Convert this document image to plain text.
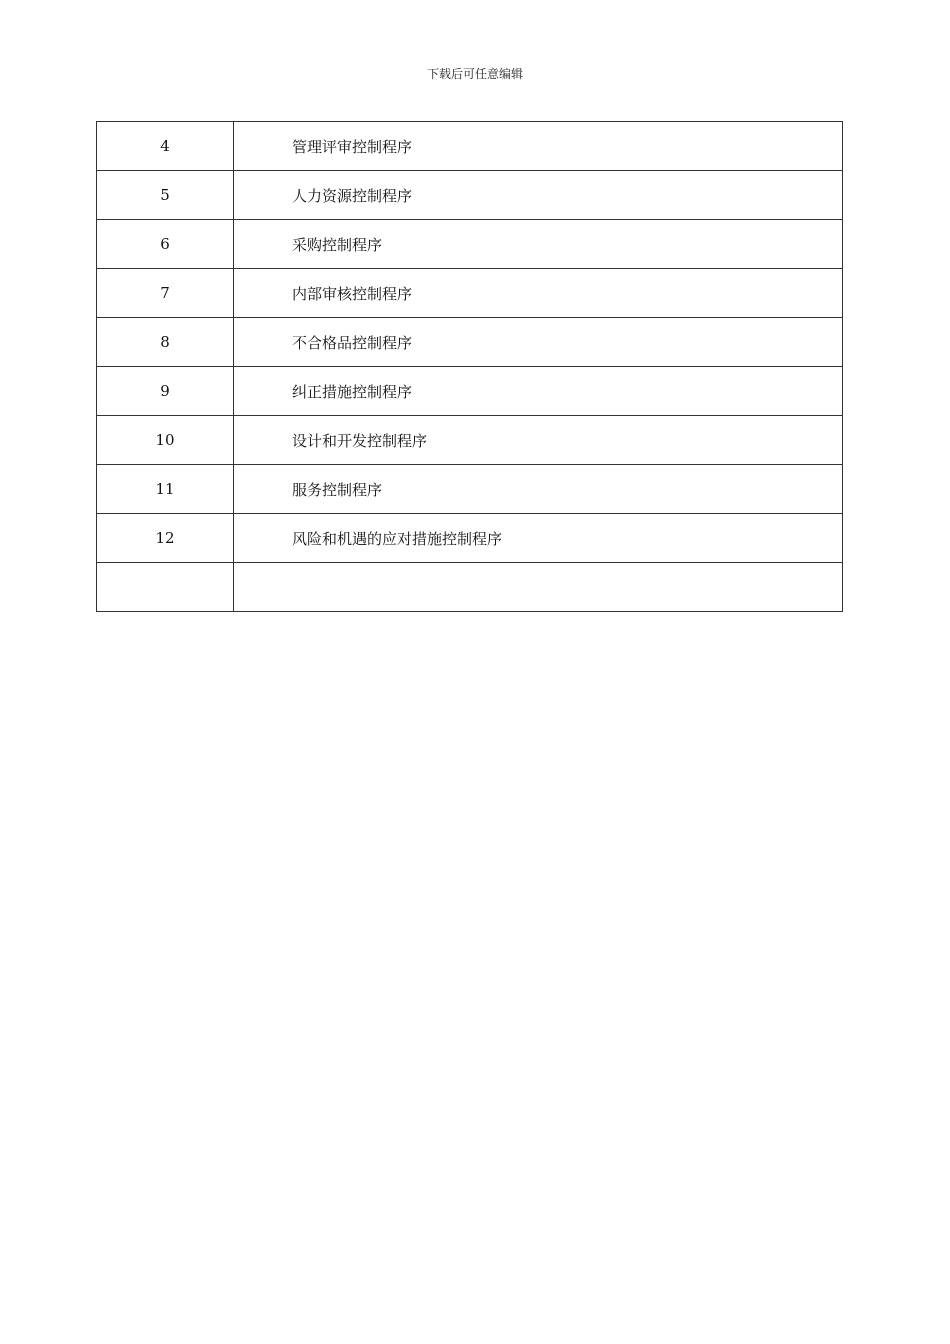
下载后可任意编辑
4	管理评审控制程序
5	人力资源控制程序
6	采购控制程序
7	内部审核控制程序
8	不合格品控制程序
9	纠正措施控制程序
10	设计和开发控制程序
11	服务控制程序
12	风险和机遇的应对措施控制程序
